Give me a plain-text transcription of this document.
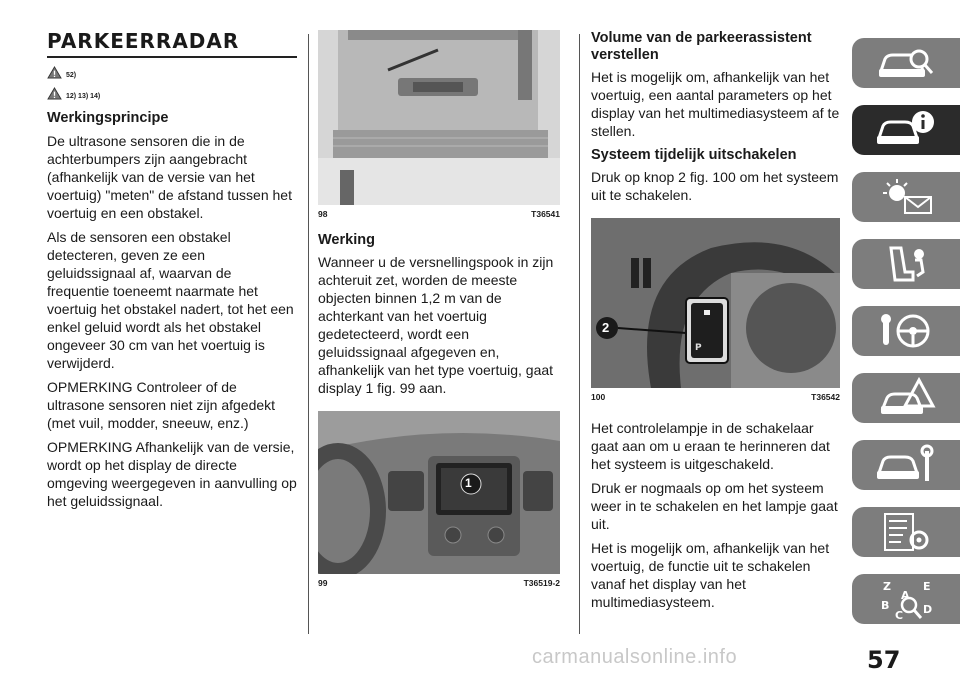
PARKEERRADAR
52)
12) 13) 14)
Werkingsprincipe

De ultrasone sensoren die in de achterbumpers zijn aangebracht (afhankelijk van de versie van het voertuig) "meten" de afstand tussen het voertuig en een obstakel.

Als de sensoren een obstakel detecteren, geven ze een geluidssignaal af, waarvan de frequentie toeneemt naarmate het voertuig het obstakel nadert, tot het een enkel geluid wordt als het obstakel ongeveer 30 cm van het voertuig is verwijderd.

OPMERKING Controleer of de ultrasone sensoren niet zijn afgedekt (met vuil, modder, sneeuw, enz.)

OPMERKING Afhankelijk van de versie, wordt op het display de directe omgeving weergegeven in aanvulling op het geluidssignaal.

98	T36541
Werking

Wanneer u de versnellingspook in zijn achteruit zet, worden de meeste objecten binnen 1,2 m van de achterkant van het voertuig gedetecteerd, wordt een geluidssignaal afgegeven en, afhankelijk van het type voertuig, gaat display 1 fig. 99 aan.

1
99	T36519-2
Volume van de parkeerassistent verstellen

Het is mogelijk om, afhankelijk van het voertuig, een aantal parameters op het display van het multimediasysteem af te stellen.

Systeem tijdelijk uitschakelen

Druk op knop 2 fig. 100 om het systeem uit te schakelen.

P
2
100	T36542

Het controlelampje in de schakelaar gaat aan om u eraan te herinneren dat het systeem is uitgeschakeld.

Druk er nogmaals op om het systeem weer in te schakelen en het lampje gaat uit.

Het is mogelijk om, afhankelijk van het voertuig, de functie uit te schakelen vanaf het display van het multimediasysteem.

Z	E
A
B
C D
57
carmanualsonline.info
